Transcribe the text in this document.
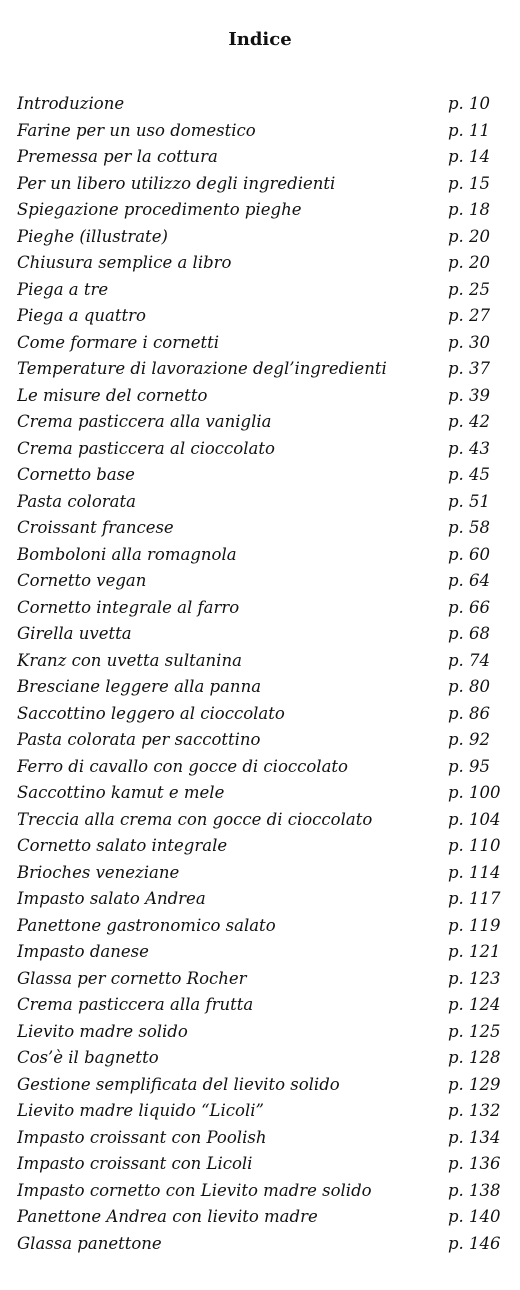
Indice
Introduzione	p. 10
Farine per un uso domestico	p. 11
Premessa per la cottura	p. 14
Per un libero utilizzo degli ingredienti	p. 15
Spiegazione procedimento pieghe	p. 18
Pieghe (illustrate)	p. 20
Chiusura semplice a libro	p. 20
Piega a tre	p. 25
Piega a quattro	p. 27
Come formare i cornetti	p. 30
Temperature di lavorazione degl’ingredienti	p. 37
Le misure del cornetto	p. 39
Crema pasticcera alla vaniglia	p. 42
Crema pasticcera al cioccolato	p. 43
Cornetto base	p. 45
Pasta colorata	p. 51
Croissant francese	p. 58
Bomboloni alla romagnola	p. 60
Cornetto vegan	p. 64
Cornetto integrale al farro	p. 66
Girella uvetta	p. 68
Kranz con uvetta sultanina	p. 74
Bresciane leggere alla panna	p. 80
Saccottino leggero al cioccolato	p. 86
Pasta colorata per saccottino	p. 92
Ferro di cavallo con gocce di cioccolato	p. 95
Saccottino kamut e mele	p. 100
Treccia alla crema con gocce di cioccolato	p. 104
Cornetto salato integrale	p. 110
Brioches veneziane	p. 114
Impasto salato Andrea	p. 117
Panettone gastronomico salato	p. 119
Impasto danese	p. 121
Glassa per cornetto Rocher	p. 123
Crema pasticcera alla frutta	p. 124
Lievito madre solido	p. 125
Cos’è il bagnetto	p. 128
Gestione semplificata del lievito solido	p. 129
Lievito madre liquido “Licoli”	p. 132
Impasto croissant con Poolish	p. 134
Impasto croissant con Licoli	p. 136
Impasto cornetto con Lievito madre solido	p. 138
Panettone Andrea con lievito madre	p. 140
Glassa panettone	p. 146
